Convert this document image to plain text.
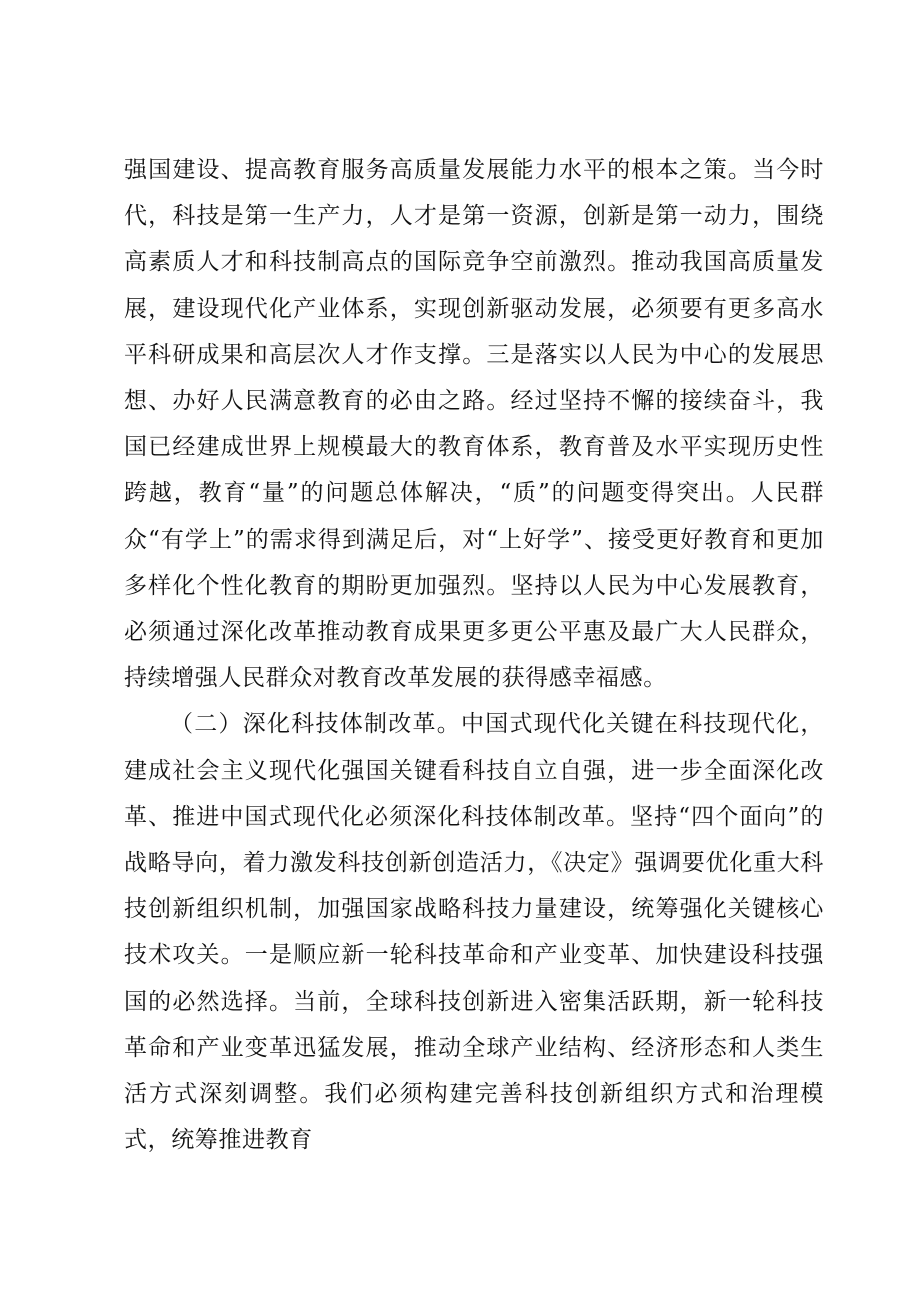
强国建设、提高教育服务高质量发展能力水平的根本之策。当今时代，科技是第一生产力，人才是第一资源，创新是第一动力，围绕高素质人才和科技制高点的国际竞争空前激烈。推动我国高质量发展，建设现代化产业体系，实现创新驱动发展，必须要有更多高水平科研成果和高层次人才作支撑。三是落实以人民为中心的发展思想、办好人民满意教育的必由之路。经过坚持不懈的接续奋斗，我国已经建成世界上规模最大的教育体系，教育普及水平实现历史性跨越，教育“量”的问题总体解决，“质”的问题变得突出。人民群众“有学上”的需求得到满足后，对“上好学”、接受更好教育和更加多样化个性化教育的期盼更加强烈。坚持以人民为中心发展教育，必须通过深化改革推动教育成果更多更公平惠及最广大人民群众，持续增强人民群众对教育改革发展的获得感幸福感。

（二）深化科技体制改革。中国式现代化关键在科技现代化，建成社会主义现代化强国关键看科技自立自强，进一步全面深化改革、推进中国式现代化必须深化科技体制改革。坚持“四个面向”的战略导向，着力激发科技创新创造活力，《决定》强调要优化重大科技创新组织机制，加强国家战略科技力量建设，统筹强化关键核心技术攻关。一是顺应新一轮科技革命和产业变革、加快建设科技强国的必然选择。当前，全球科技创新进入密集活跃期，新一轮科技革命和产业变革迅猛发展，推动全球产业结构、经济形态和人类生活方式深刻调整。我们必须构建完善科技创新组织方式和治理模式，统筹推进教育
